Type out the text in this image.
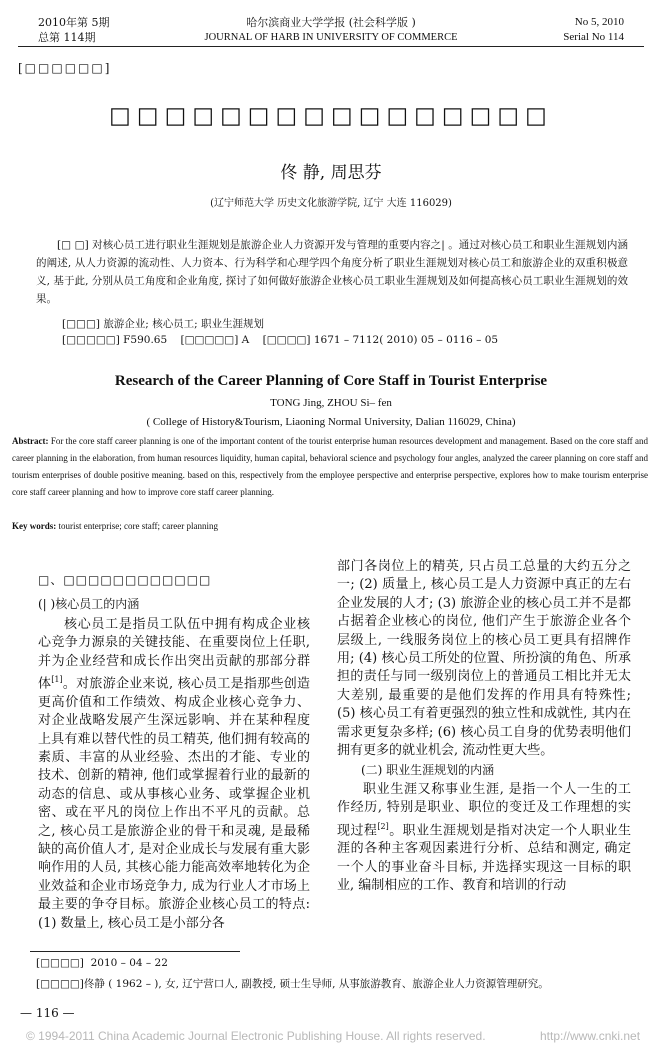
2010年第 5期
总第 114期
哈尔滨商业大学学报 (社会科学版 )
JOURNAL OF HARB IN UNIVERSITY OF COMMERCE
No 5, 2010
Serial No 114
[□□□□□□]
□□□□□□□□□□□□□□□□
佟 静, 周思芬
(辽宁师范大学 历史文化旅游学院, 辽宁 大连 116029)

[□ □] 对核心员工进行职业生涯规划是旅游企业人力资源开发与管理的重要内容之| 。通过对核心员工和职业生涯规划内涵的阐述, 从人力资源的流动性、人力资本、行为科学和心理学四个角度分析了职业生涯规划对核心员工和旅游企业的双重积极意义, 基于此, 分别从员工角度和企业角度, 探讨了如何做好旅游企业核心员工职业生涯规划及如何提高核心员工职业生涯规划的效果。

[□□□] 旅游企业; 核心员工; 职业生涯规划
[□□□□□] F590.65 [□□□□□] A [□□□□] 1671 – 7112( 2010) 05 – 0116 – 05
Research of the Career Planning of Core Staff in Tourist Enterprise
TONG Jing, ZHOU Si– fen
( College of History&Tourism, Liaoning Normal University, Dalian 116029, China)
Abstract: For the core staff career planning is one of the important content of the tourist enterprise human resources development and management. Based on the core staff and career planning in the elaboration, from human resources liquidity, human capital, behavioral science and psychology four angles, analyzed the career planning on core staff and tourism enterprises of double positive meaning. based on this, respectively from the employee perspective and enterprise perspective, explores how to make tourism enterprise core staff career planning and how to improve core staff career planning.
Key words: tourist enterprise; core staff; career planning
□、□□□□□□□□□□□□
(| )核心员工的内涵

核心员工是指员工队伍中拥有构成企业核心竞争力源泉的关键技能、在重要岗位上任职, 并为企业经营和成长作出突出贡献的那部分群体[1]。对旅游企业来说, 核心员工是指那些创造更高价值和工作绩效、构成企业核心竞争力、对企业战略发展产生深远影响、并在某种程度上具有难以替代性的员工精英, 他们拥有较高的素质、丰富的从业经验、杰出的才能、专业的技术、创新的精神, 他们或掌握着行业的最新的动态的信息、或从事核心业务、或掌握企业机密、或在平凡的岗位上作出不平凡的贡献。总之, 核心员工是旅游企业的骨干和灵魂, 是最稀缺的高价值人才, 是对企业成长与发展有重大影响作用的人员, 其核心能力能高效率地转化为企业效益和企业市场竞争力, 成为行业人才市场上最主要的争夺目标。旅游企业核心员工的特点: (1) 数量上, 核心员工是小部分各

部门各岗位上的精英, 只占员工总量的大约五分之一; (2) 质量上, 核心员工是人力资源中真正的左右企业发展的人才; (3) 旅游企业的核心员工并不是都占据着企业核心的岗位, 他们产生于旅游企业各个层级上, 一线服务岗位上的核心员工更具有招牌作用; (4) 核心员工所处的位置、所扮演的角色、所承担的责任与同一级别岗位上的普通员工相比并无太大差别, 最重要的是他们发挥的作用具有特殊性; (5) 核心员工有着更强烈的独立性和成就性, 其内在需求更复杂多样; (6) 核心员工自身的优势表明他们拥有更多的就业机会, 流动性更大些。

(二) 职业生涯规划的内涵

职业生涯又称事业生涯, 是指一个人一生的工作经历, 特别是职业、职位的变迁及工作理想的实现过程[2]。职业生涯规划是指对决定一个人职业生涯的各种主客观因素进行分析、总结和测定, 确定一个人的事业奋斗目标, 并选择实现这一目标的职业, 编制相应的工作、教育和培训的行动

[□□□□] 2010 – 04 – 22
[□□□□]佟静 ( 1962 – ), 女, 辽宁营口人, 副教授, 硕士生导师, 从事旅游教育、旅游企业人力资源管理研究。
— 116 —
© 1994-2011 China Academic Journal Electronic Publishing House. All rights reserved.	http://www.cnki.net
